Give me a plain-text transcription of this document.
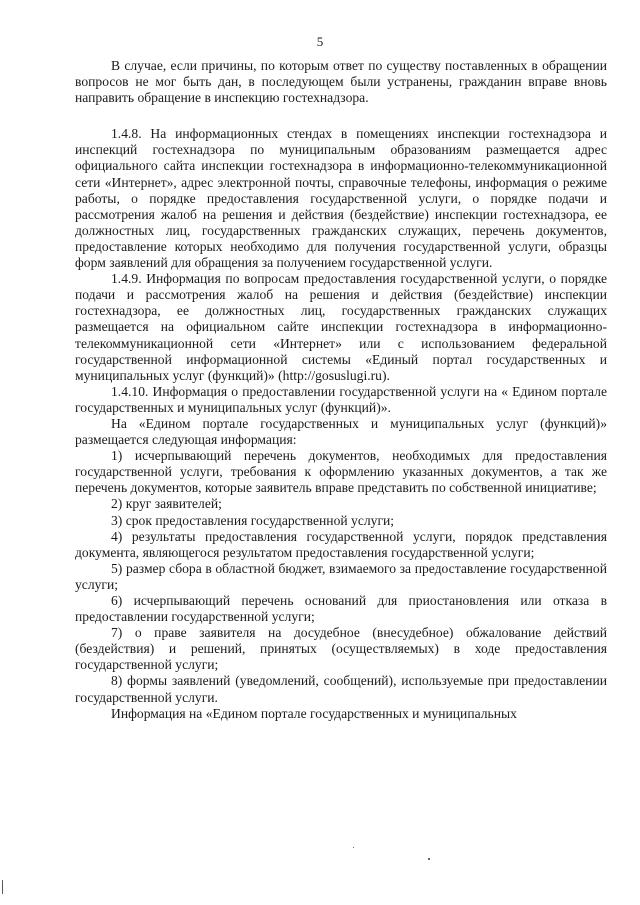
5

В случае, если причины, по которым ответ по существу поставленных в обращении вопросов не мог быть дан, в последующем были устранены, гражданин вправе вновь направить обращение в инспекцию гостехнадзора.

1.4.8. На информационных стендах в помещениях инспекции гостехнадзора и инспекций гостехнадзора по муниципальным образованиям размещается адрес официального сайта инспекции гостехнадзора в информационно-телекоммуникационной сети «Интернет», адрес электронной почты, справочные телефоны, информация о режиме работы, о порядке предоставления государственной услуги, о порядке подачи и рассмотрения жалоб на решения и действия (бездействие) инспекции гостехнадзора, ее должностных лиц, государственных гражданских служащих, перечень документов, предоставление которых необходимо для получения государственной услуги, образцы форм заявлений для обращения за получением государственной услуги.

1.4.9. Информация по вопросам предоставления государственной услуги, о порядке подачи и рассмотрения жалоб на решения и действия (бездействие) инспекции гостехнадзора, ее должностных лиц, государственных гражданских служащих размещается на официальном сайте инспекции гостехнадзора в информационно-телекоммуникационной сети «Интернет» или с использованием федеральной государственной информационной системы «Единый портал государственных и муниципальных услуг (функций)» (http://gosuslugi.ru).

1.4.10. Информация о предоставлении государственной услуги на « Едином портале государственных и муниципальных услуг (функций)».

На «Едином портале государственных и муниципальных услуг (функций)» размещается следующая информация:

1) исчерпывающий перечень документов, необходимых для предоставления государственной услуги, требования к оформлению указанных документов, а так же перечень документов, которые заявитель вправе представить по собственной инициативе;

2) круг заявителей;

3) срок предоставления государственной услуги;

4) результаты предоставления государственной услуги, порядок представления документа, являющегося результатом предоставления государственной услуги;

5) размер сбора в областной бюджет, взимаемого за предоставление государственной услуги;

6) исчерпывающий перечень оснований для приостановления или отказа в предоставлении государственной услуги;

7) о праве заявителя на досудебное (внесудебное) обжалование действий (бездействия) и решений, принятых (осуществляемых) в ходе предоставления государственной услуги;

8) формы заявлений (уведомлений, сообщений), используемые при предоставлении государственной услуги.

Информация на «Едином портале государственных и муниципальных
